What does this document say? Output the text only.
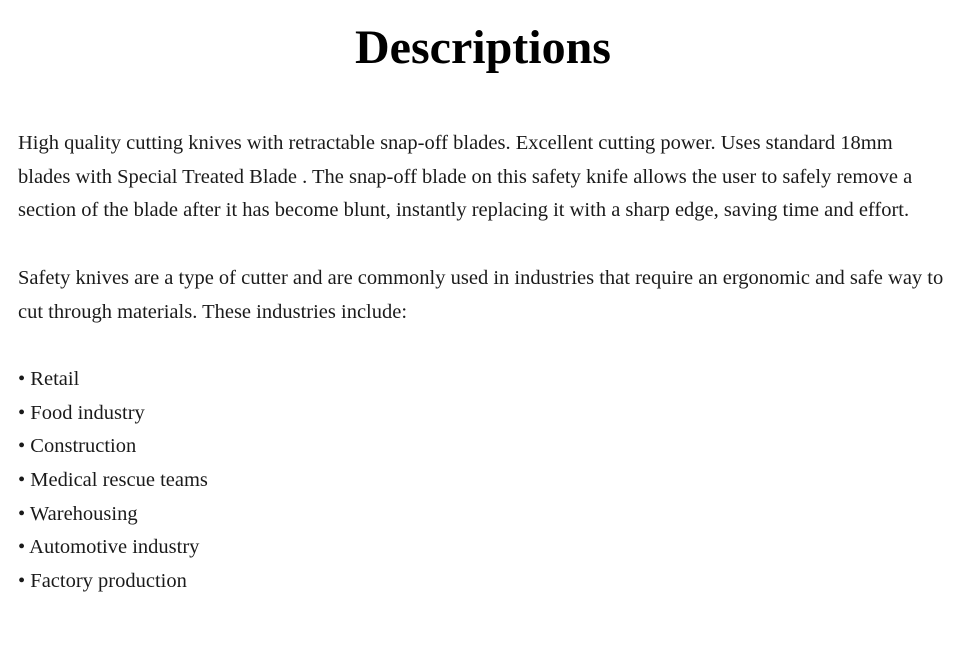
Descriptions

High quality cutting knives with retractable snap-off blades. Excellent cutting power. Uses standard 18mm blades with Special Treated Blade . The snap-off blade on this safety knife allows the user to safely remove a section of the blade after it has become blunt, instantly replacing it with a sharp edge, saving time and effort.

Safety knives are a type of cutter and are commonly used in industries that require an ergonomic and safe way to cut through materials. These industries include:

• Retail
• Food industry
• Construction
• Medical rescue teams
• Warehousing
• Automotive industry
• Factory production
